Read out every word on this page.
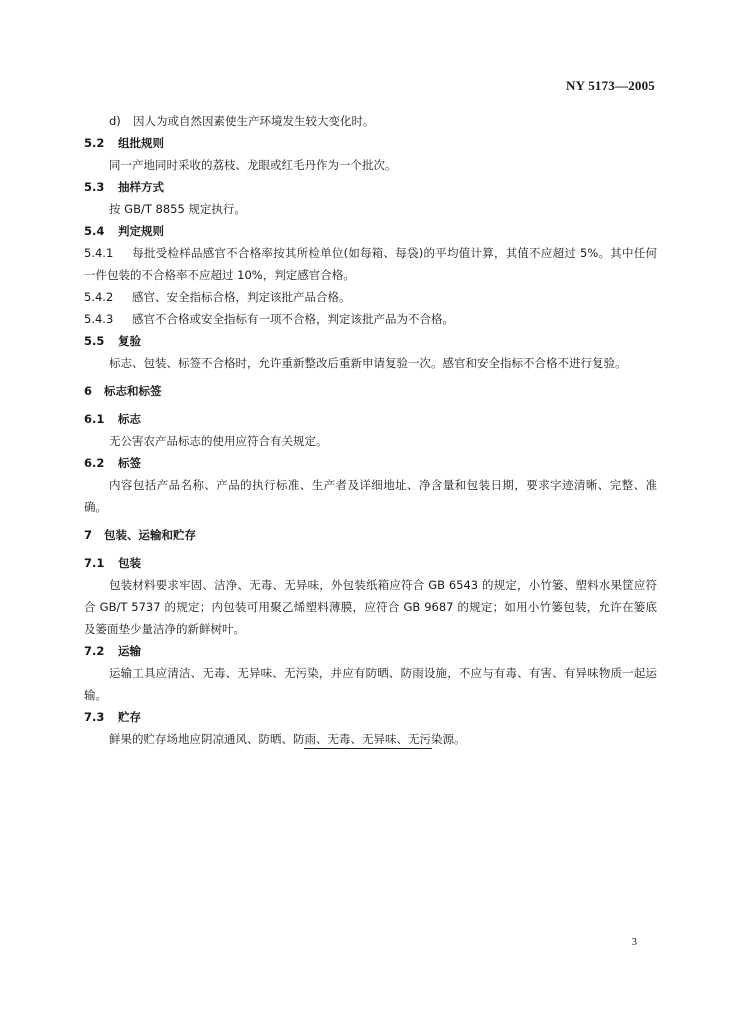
NY 5173—2005
d)	因人为或自然因素使生产环境发生较大变化时。
5.2	组批规则
同一产地同时采收的荔枝、龙眼或红毛丹作为一个批次。
5.3	抽样方式
按 GB/T 8855 规定执行。
5.4	判定规则
5.4.1 每批受检样品感官不合格率按其所检单位(如每箱、每袋)的平均值计算，其值不应超过 5%。其中任何一件包装的不合格率不应超过 10%，判定感官合格。
5.4.2 感官、安全指标合格，判定该批产品合格。
5.4.3 感官不合格或安全指标有一项不合格，判定该批产品为不合格。
5.5	复验
标志、包装、标签不合格时，允许重新整改后重新申请复验一次。感官和安全指标不合格不进行复验。
6	标志和标签
6.1	标志
无公害农产品标志的使用应符合有关规定。
6.2	标签
内容包括产品名称、产品的执行标准、生产者及详细地址、净含量和包装日期，要求字迹清晰、完整、准确。
7	包装、运输和贮存
7.1	包装
包装材料要求牢固、洁净、无毒、无异味，外包装纸箱应符合 GB 6543 的规定，小竹篓、塑料水果筐应符合 GB/T 5737 的规定；内包装可用聚乙烯塑料薄膜，应符合 GB 9687 的规定；如用小竹篓包装，允许在篓底及篓面垫少量洁净的新鲜树叶。
7.2	运输
运输工具应清洁、无毒、无异味、无污染，并应有防晒、防雨设施，不应与有毒、有害、有异味物质一起运输。
7.3	贮存
鲜果的贮存场地应阴凉通风、防晒、防雨、无毒、无异味、无污染源。
3
